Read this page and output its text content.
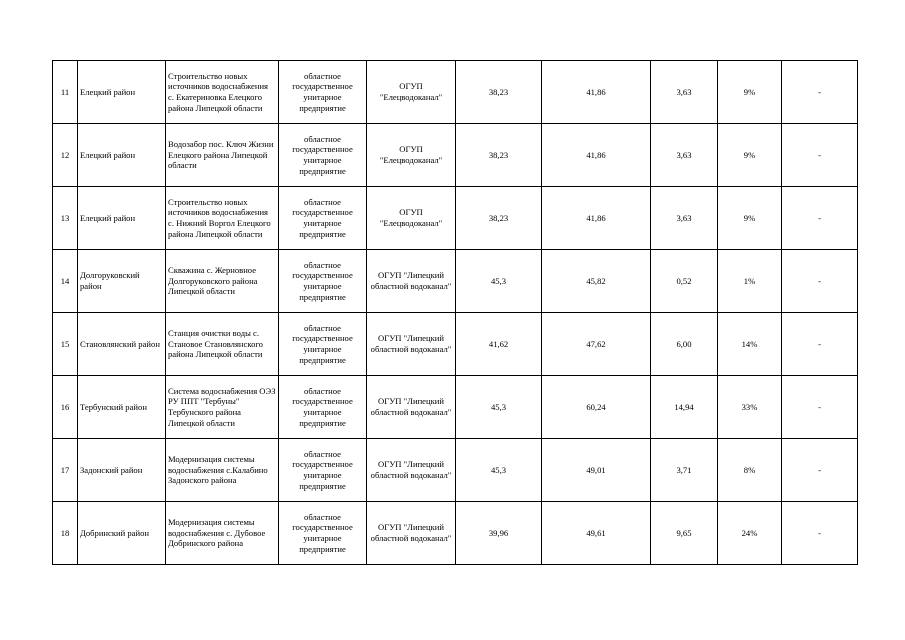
11	Елецкий район	Строительство новых источников водоснабжения с. Екатериновка Елецкого района Липецкой области	областное государственное унитарное предприятие	ОГУП "Елецводоканал"	38,23	41,86	3,63	9%	-
12	Елецкий район	Водозабор пос. Ключ Жизни Елецкого района Липецкой области	областное государственное унитарное предприятие	ОГУП "Елецводоканал"	38,23	41,86	3,63	9%	-
13	Елецкий район	Строительство новых источников водоснабжения с. Нижний Воргол Елецкого района Липецкой области	областное государственное унитарное предприятие	ОГУП "Елецводоканал"	38,23	41,86	3,63	9%	-
14	Долгоруковский район	Скважина с. Жерновное Долгоруковского района Липецкой области	областное государственное унитарное предприятие	ОГУП "Липецкий областной водоканал"	45,3	45,82	0,52	1%	-
15	Становлянский район	Станция очистки воды с. Становое Становлянского района Липецкой области	областное государственное унитарное предприятие	ОГУП "Липецкий областной водоканал"	41,62	47,62	6,00	14%	-
16	Тербунский район	Система водоснабжения ОЭЗ РУ ППТ "Тербуны" Тербунского района Липецкой области	областное государственное унитарное предприятие	ОГУП "Липецкий областной водоканал"	45,3	60,24	14,94	33%	-
17	Задонский район	Модернизация системы водоснабжения с.Калабино Задонского района	областное государственное унитарное предприятие	ОГУП "Липецкий областной водоканал"	45,3	49,01	3,71	8%	-
18	Добринский район	Модернизация системы водоснабжения с. Дубовое Добринского района	областное государственное унитарное предприятие	ОГУП "Липецкий областной водоканал"	39,96	49,61	9,65	24%	-
